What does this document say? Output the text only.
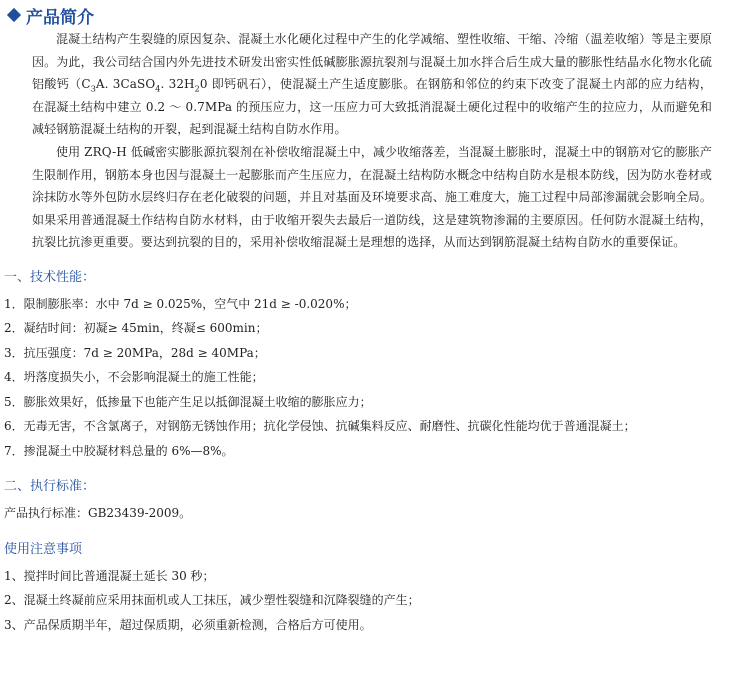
产品简介

混凝土结构产生裂缝的原因复杂、混凝土水化硬化过程中产生的化学减缩、塑性收缩、干缩、冷缩（温差收缩）等是主要原因。为此，我公司结合国内外先进技术研发出密实性低碱膨胀源抗裂剂与混凝土加水拌合后生成大量的膨胀性结晶水化物水化硫铝酸钙（$C_3A$. 3CaSO$_4$. $32H_20$ 即钙矾石），使混凝土产生适度膨胀。在钢筋和邻位的约束下改变了混凝土内部的应力结构，在混凝土结构中建立 0.2 ～ 0.7MPa 的预压应力，这一压应力可大致抵消混凝土硬化过程中的收缩产生的拉应力，从而避免和减轻钢筋混凝土结构的开裂，起到混凝土结构自防水作用。

使用 ZRQ-H 低碱密实膨胀源抗裂剂在补偿收缩混凝土中，减少收缩落差，当混凝土膨胀时，混凝土中的钢筋对它的膨胀产生限制作用，钢筋本身也因与混凝土一起膨胀而产生压应力，在混凝土结构防水概念中结构自防水是根本防线，因为防水卷材或涂抹防水等外包防水层终归存在老化破裂的问题，并且对基面及环境要求高、施工难度大，施工过程中局部渗漏就会影响全局。如果采用普通混凝土作结构自防水材料，由于收缩开裂失去最后一道防线，这是建筑物渗漏的主要原因。任何防水混凝土结构，抗裂比抗渗更重要。要达到抗裂的目的，采用补偿收缩混凝土是理想的选择，从而达到钢筋混凝土结构自防水的重要保证。

一、技术性能：
1．限制膨胀率：水中 7d ≥ 0.025%，空气中 21d ≥ -0.020%；
2．凝结时间：初凝≥ 45min，终凝≤ 600min；
3．抗压强度：7d ≥ 20MPa，28d ≥ 40MPa；
4．坍落度损失小，不会影响混凝土的施工性能；
5．膨胀效果好，低掺量下也能产生足以抵御混凝土收缩的膨胀应力；
6．无毒无害，不含氯离子，对钢筋无锈蚀作用；抗化学侵蚀、抗碱集料反应、耐磨性、抗碳化性能均优于普通混凝土；
7．掺混凝土中胶凝材料总量的 6%—8%。
二、执行标准：
产品执行标准：GB23439-2009。
使用注意事项
1、搅拌时间比普通混凝土延长 30 秒；
2、混凝土终凝前应采用抹面机或人工抹压，减少塑性裂缝和沉降裂缝的产生；
3、产品保质期半年，超过保质期，必须重新检测，合格后方可使用。
